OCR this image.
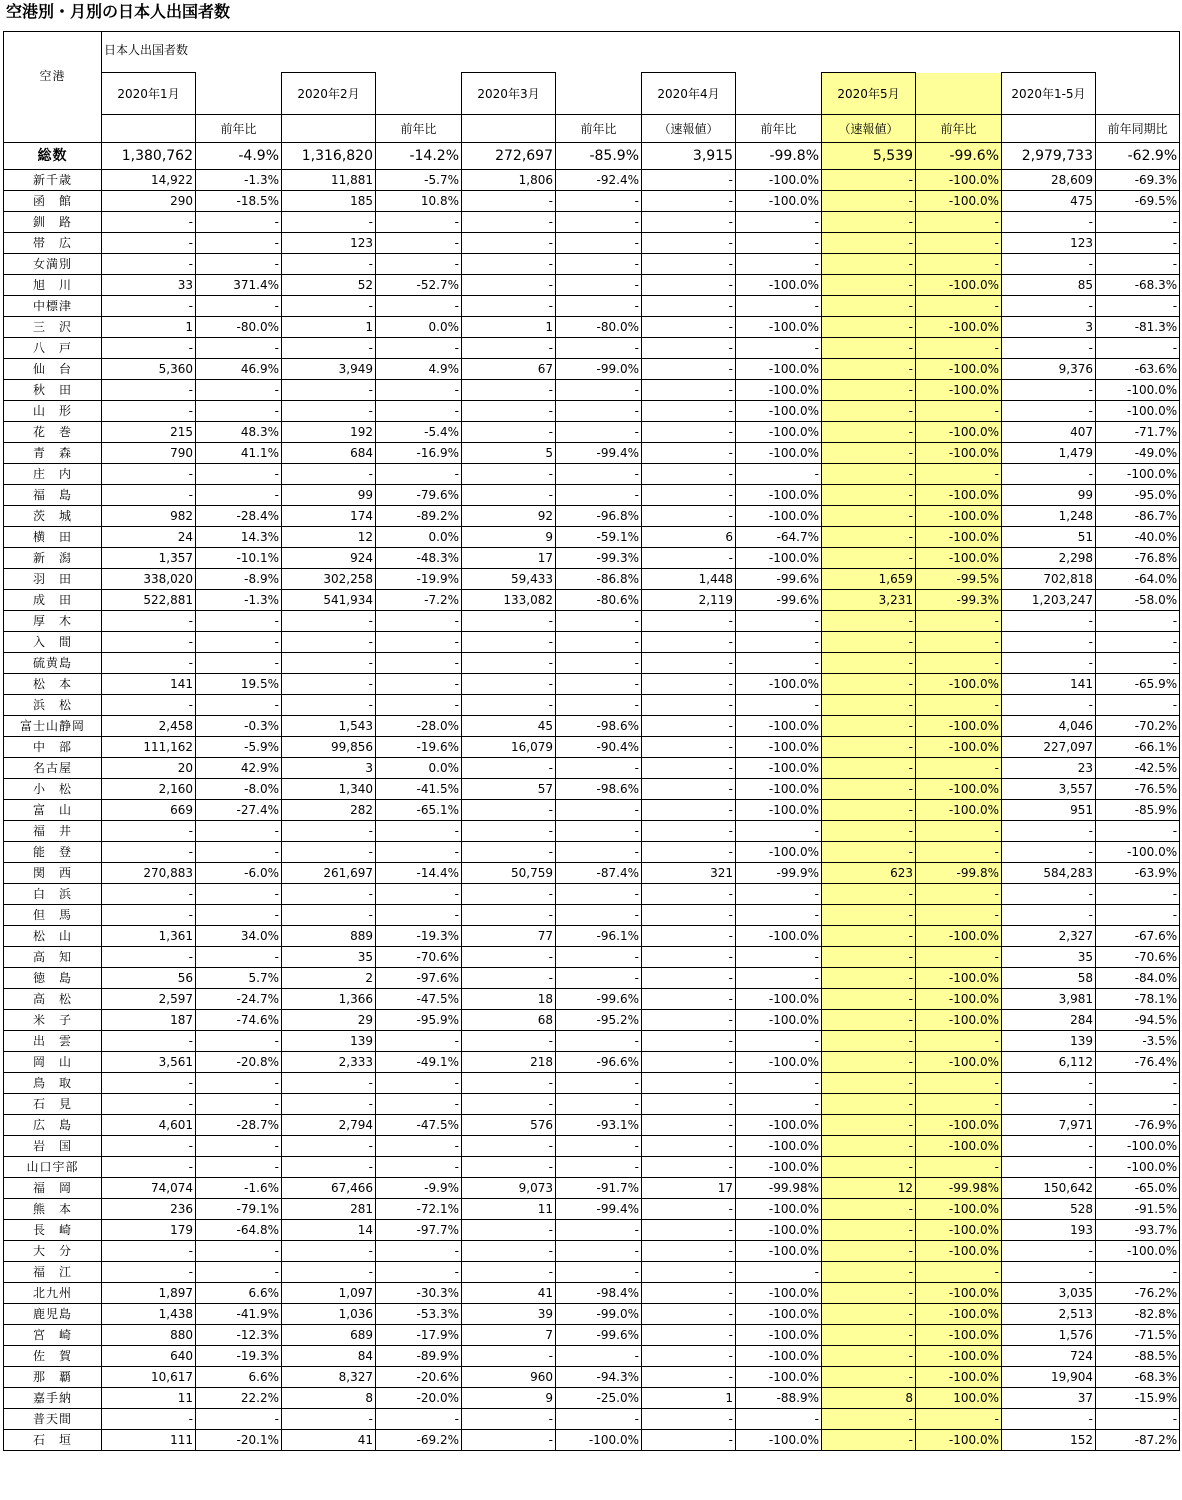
空港別・月別の日本人出国者数
空港	日本人出国者数											
	2020年1月		2020年2月		2020年3月		2020年4月		2020年5月		2020年1-5月	
		前年比		前年比		前年比	（速報値）	前年比	（速報値）	前年比		前年同期比
総数	1,380,762	-4.9%	1,316,820	-14.2%	272,697	-85.9%	3,915	-99.8%	5,539	-99.6%	2,979,733	-62.9%
新千歳	14,922	-1.3%	11,881	-5.7%	1,806	-92.4%	-	-100.0%	-	-100.0%	28,609	-69.3%
函　館	290	-18.5%	185	10.8%	-	-	-	-100.0%	-	-100.0%	475	-69.5%
釧　路	-	-	-	-	-	-	-	-	-	-	-	-
帯　広	-	-	123	-	-	-	-	-	-	-	123	-
女満別	-	-	-	-	-	-	-	-	-	-	-	-
旭　川	33	371.4%	52	-52.7%	-	-	-	-100.0%	-	-100.0%	85	-68.3%
中標津	-	-	-	-	-	-	-	-	-	-	-	-
三　沢	1	-80.0%	1	0.0%	1	-80.0%	-	-100.0%	-	-100.0%	3	-81.3%
八　戸	-	-	-	-	-	-	-	-	-	-	-	-
仙　台	5,360	46.9%	3,949	4.9%	67	-99.0%	-	-100.0%	-	-100.0%	9,376	-63.6%
秋　田	-	-	-	-	-	-	-	-100.0%	-	-100.0%	-	-100.0%
山　形	-	-	-	-	-	-	-	-100.0%	-	-	-	-100.0%
花　巻	215	48.3%	192	-5.4%	-	-	-	-100.0%	-	-100.0%	407	-71.7%
青　森	790	41.1%	684	-16.9%	5	-99.4%	-	-100.0%	-	-100.0%	1,479	-49.0%
庄　内	-	-	-	-	-	-	-	-	-	-	-	-100.0%
福　島	-	-	99	-79.6%	-	-	-	-100.0%	-	-100.0%	99	-95.0%
茨　城	982	-28.4%	174	-89.2%	92	-96.8%	-	-100.0%	-	-100.0%	1,248	-86.7%
横　田	24	14.3%	12	0.0%	9	-59.1%	6	-64.7%	-	-100.0%	51	-40.0%
新　潟	1,357	-10.1%	924	-48.3%	17	-99.3%	-	-100.0%	-	-100.0%	2,298	-76.8%
羽　田	338,020	-8.9%	302,258	-19.9%	59,433	-86.8%	1,448	-99.6%	1,659	-99.5%	702,818	-64.0%
成　田	522,881	-1.3%	541,934	-7.2%	133,082	-80.6%	2,119	-99.6%	3,231	-99.3%	1,203,247	-58.0%
厚　木	-	-	-	-	-	-	-	-	-	-	-	-
入　間	-	-	-	-	-	-	-	-	-	-	-	-
硫黄島	-	-	-	-	-	-	-	-	-	-	-	-
松　本	141	19.5%	-	-	-	-	-	-100.0%	-	-100.0%	141	-65.9%
浜　松	-	-	-	-	-	-	-	-	-	-	-	-
富士山静岡	2,458	-0.3%	1,543	-28.0%	45	-98.6%	-	-100.0%	-	-100.0%	4,046	-70.2%
中　部	111,162	-5.9%	99,856	-19.6%	16,079	-90.4%	-	-100.0%	-	-100.0%	227,097	-66.1%
名古屋	20	42.9%	3	0.0%	-	-	-	-100.0%	-	-	23	-42.5%
小　松	2,160	-8.0%	1,340	-41.5%	57	-98.6%	-	-100.0%	-	-100.0%	3,557	-76.5%
富　山	669	-27.4%	282	-65.1%	-	-	-	-100.0%	-	-100.0%	951	-85.9%
福　井	-	-	-	-	-	-	-	-	-	-	-	-
能　登	-	-	-	-	-	-	-	-100.0%	-	-	-	-100.0%
関　西	270,883	-6.0%	261,697	-14.4%	50,759	-87.4%	321	-99.9%	623	-99.8%	584,283	-63.9%
白　浜	-	-	-	-	-	-	-	-	-	-	-	-
但　馬	-	-	-	-	-	-	-	-	-	-	-	-
松　山	1,361	34.0%	889	-19.3%	77	-96.1%	-	-100.0%	-	-100.0%	2,327	-67.6%
高　知	-	-	35	-70.6%	-	-	-	-	-	-	35	-70.6%
徳　島	56	5.7%	2	-97.6%	-	-	-	-	-	-100.0%	58	-84.0%
高　松	2,597	-24.7%	1,366	-47.5%	18	-99.6%	-	-100.0%	-	-100.0%	3,981	-78.1%
米　子	187	-74.6%	29	-95.9%	68	-95.2%	-	-100.0%	-	-100.0%	284	-94.5%
出　雲	-	-	139	-	-	-	-	-	-	-	139	-3.5%
岡　山	3,561	-20.8%	2,333	-49.1%	218	-96.6%	-	-100.0%	-	-100.0%	6,112	-76.4%
鳥　取	-	-	-	-	-	-	-	-	-	-	-	-
石　見	-	-	-	-	-	-	-	-	-	-	-	-
広　島	4,601	-28.7%	2,794	-47.5%	576	-93.1%	-	-100.0%	-	-100.0%	7,971	-76.9%
岩　国	-	-	-	-	-	-	-	-100.0%	-	-100.0%	-	-100.0%
山口宇部	-	-	-	-	-	-	-	-100.0%	-	-	-	-100.0%
福　岡	74,074	-1.6%	67,466	-9.9%	9,073	-91.7%	17	-99.98%	12	-99.98%	150,642	-65.0%
熊　本	236	-79.1%	281	-72.1%	11	-99.4%	-	-100.0%	-	-100.0%	528	-91.5%
長　崎	179	-64.8%	14	-97.7%	-	-	-	-100.0%	-	-100.0%	193	-93.7%
大　分	-	-	-	-	-	-	-	-100.0%	-	-100.0%	-	-100.0%
福　江	-	-	-	-	-	-	-	-	-	-	-	-
北九州	1,897	6.6%	1,097	-30.3%	41	-98.4%	-	-100.0%	-	-100.0%	3,035	-76.2%
鹿児島	1,438	-41.9%	1,036	-53.3%	39	-99.0%	-	-100.0%	-	-100.0%	2,513	-82.8%
宮　崎	880	-12.3%	689	-17.9%	7	-99.6%	-	-100.0%	-	-100.0%	1,576	-71.5%
佐　賀	640	-19.3%	84	-89.9%	-	-	-	-100.0%	-	-100.0%	724	-88.5%
那　覇	10,617	6.6%	8,327	-20.6%	960	-94.3%	-	-100.0%	-	-100.0%	19,904	-68.3%
嘉手納	11	22.2%	8	-20.0%	9	-25.0%	1	-88.9%	8	100.0%	37	-15.9%
普天間	-	-	-	-	-	-	-	-	-	-	-	-
石　垣	111	-20.1%	41	-69.2%	-	-100.0%	-	-100.0%	-	-100.0%	152	-87.2%
